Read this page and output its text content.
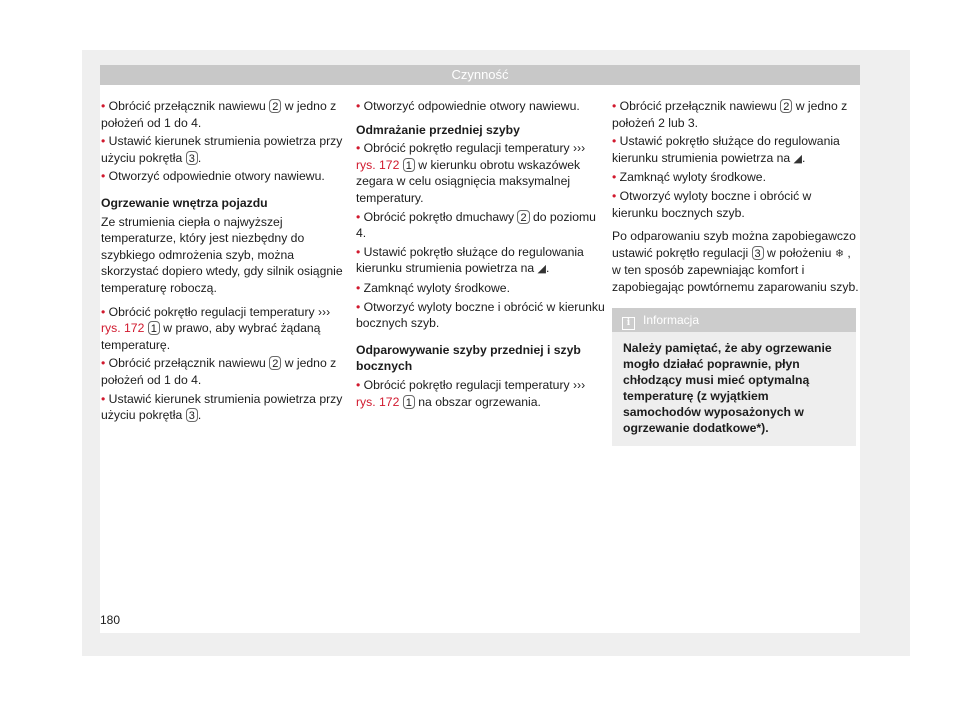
Czynność

• Obrócić przełącznik nawiewu 2 w jedno z położeń od 1 do 4.

• Ustawić kierunek strumienia powietrza przy użyciu pokrętła 3 .

• Otworzyć odpowiednie otwory nawiewu.

Ogrzewanie wnętrza pojazdu

Ze strumienia ciepła o najwyższej temperaturze, który jest niezbędny do szybkiego odmrożenia szyb, można skorzystać dopiero wtedy, gdy silnik osiągnie temperaturę roboczą.

• Obrócić pokrętło regulacji temperatury ››› rys. 172 1 w prawo, aby wybrać żądaną temperaturę.

• Obrócić przełącznik nawiewu 2 w jedno z położeń od 1 do 4.

• Ustawić kierunek strumienia powietrza przy użyciu pokrętła 3 .

• Otworzyć odpowiednie otwory nawiewu.

Odmrażanie przedniej szyby

• Obrócić pokrętło regulacji temperatury ››› rys. 172 1 w kierunku obrotu wskazówek zegara w celu osiągnięcia maksymalnej temperatury.

• Obrócić pokrętło dmuchawy 2 do poziomu 4.

• Ustawić pokrętło służące do regulowania kierunku strumienia powietrza na ◢.

• Zamknąć wyloty środkowe.

• Otworzyć wyloty boczne i obrócić w kierunku bocznych szyb.

Odparowywanie szyby przedniej i szyb bocznych

• Obrócić pokrętło regulacji temperatury ››› rys. 172 1 na obszar ogrzewania.

• Obrócić przełącznik nawiewu 2 w jedno z położeń 2 lub 3.

• Ustawić pokrętło służące do regulowania kierunku strumienia powietrza na ◢.

• Zamknąć wyloty środkowe.

• Otworzyć wyloty boczne i obrócić w kierunku bocznych szyb.

Po odparowaniu szyb można zapobiegawczo ustawić pokrętło regulacji 3 w położeniu ❄ , w ten sposób zapewniając komfort i zapobiegając powtórnemu zaparowaniu szyb.

i Informacja
Należy pamiętać, że aby ogrzewanie mogło działać poprawnie, płyn chłodzący musi mieć optymalną temperaturę (z wyjątkiem samochodów wyposażonych w ogrzewanie dodatkowe*).
180
